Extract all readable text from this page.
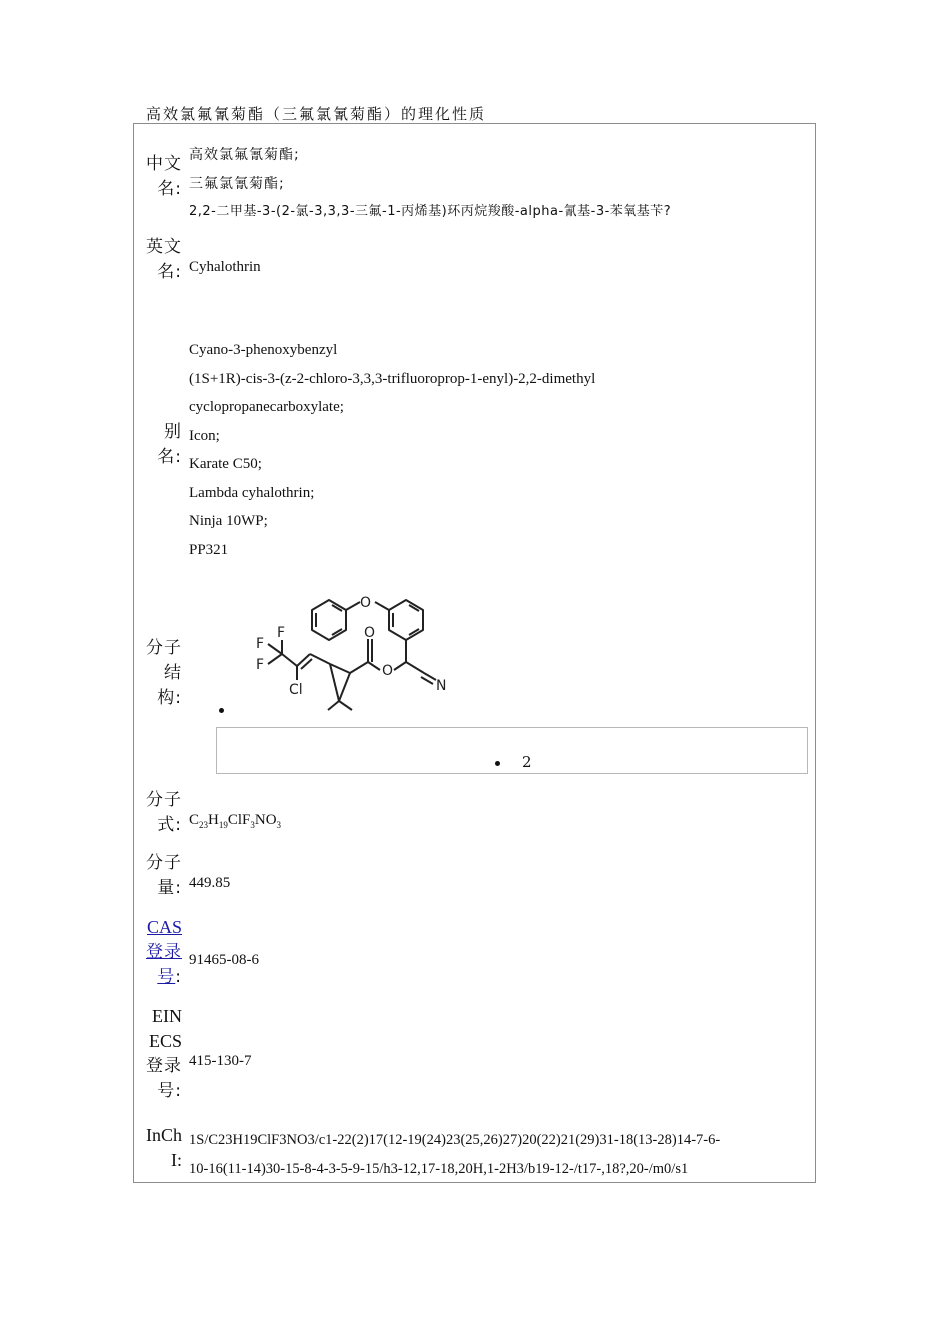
高效氯氟氰菊酯（三氟氯氰菊酯）的理化性质
中文
名:
高效氯氟氰菊酯;
三氟氯氰菊酯;
2,2-二甲基-3-(2-氯-3,3,3-三氟-1-丙烯基)环丙烷羧酸-alpha-氰基-3-苯氧基苄?
英文
名: Cyhalothrin
别
名:
Cyano-3-phenoxybenzyl
(1S+1R)-cis-3-(z-2-chloro-3,3,3-trifluoroprop-1-enyl)-2,2-dimethyl
cyclopropanecarboxylate;
Icon;
Karate C50;
Lambda cyhalothrin;
Ninja 10WP;
PP321
分子
结
构:
O
O
O
N
F
F
F
Cl
2
分子
式: $C_{23}H_{19}ClF_3NO_3$
分子
量: 449.85
CAS
登录
号:
91465-08-6
EIN
ECS
登录
号:
415-130-7
InCh
I:
1S/C23H19ClF3NO3/c1-22(2)17(12-19(24)23(25,26)27)20(22)21(29)31-18(13-28)14-7-6-
10-16(11-14)30-15-8-4-3-5-9-15/h3-12,17-18,20H,1-2H3/b19-12-/t17-,18?,20-/m0/s1
